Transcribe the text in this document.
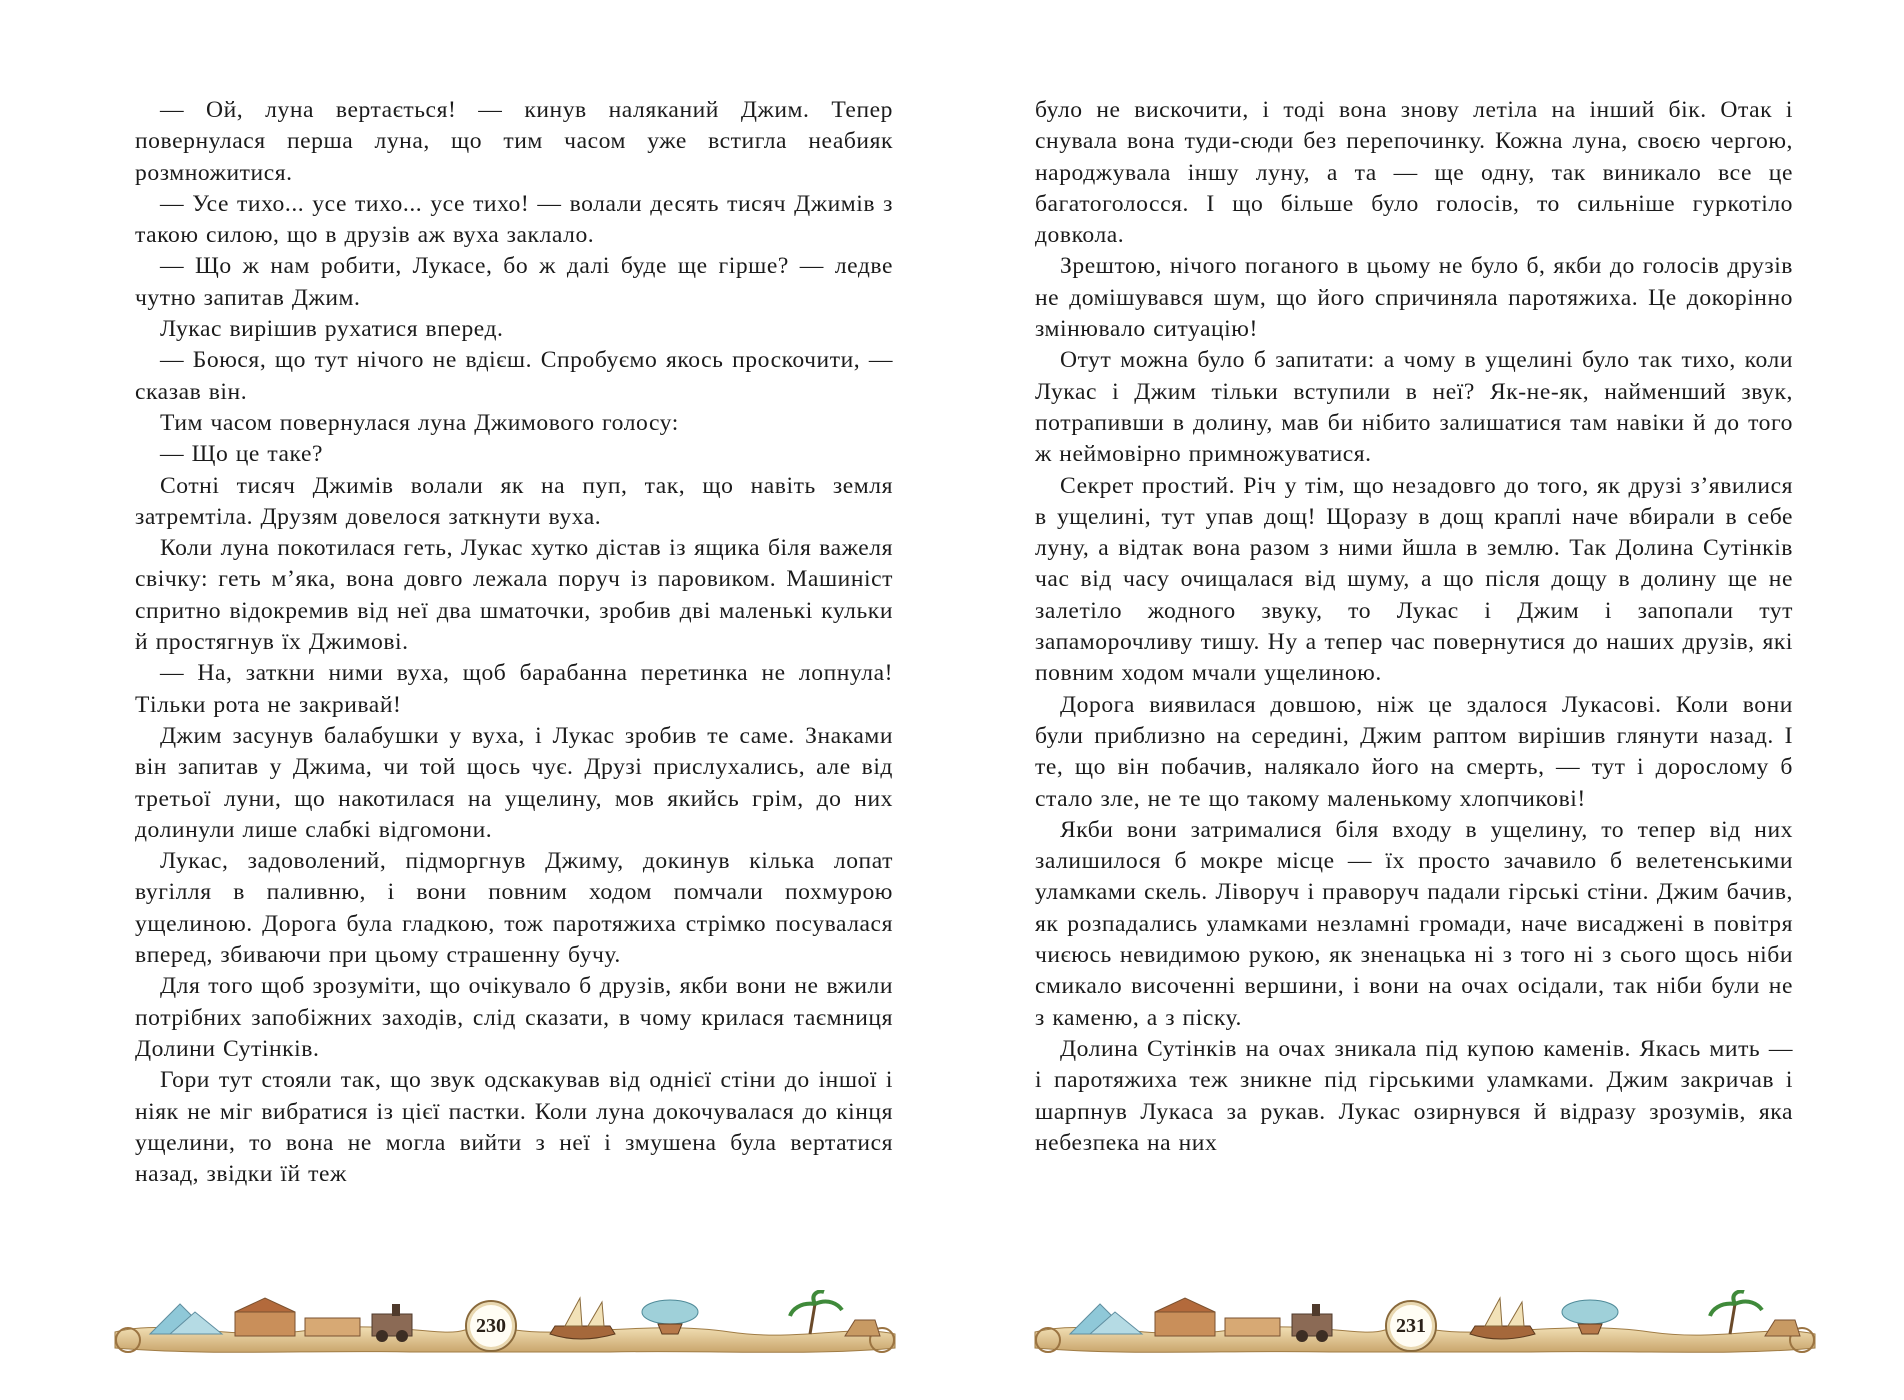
— Ой, луна вертається! — кинув наляканий Джим. Тепер повернулася перша луна, що тим часом уже встигла неабияк розмножитися.

— Усе тихо... усе тихо... усе тихо! — волали десять тисяч Джимів з такою силою, що в друзів аж вуха заклало.

— Що ж нам робити, Лукасе, бо ж далі буде ще гірше? — ледве чутно запитав Джим.

Лукас вирішив рухатися вперед.

— Боюся, що тут нічого не вдієш. Спробуємо якось проскочити, — сказав він.

Тим часом повернулася луна Джимового голосу:

— Що це таке?

Сотні тисяч Джимів волали як на пуп, так, що навіть земля затремтіла. Друзям довелося заткнути вуха.

Коли луна покотилася геть, Лукас хутко дістав із ящика біля важеля свічку: геть м’яка, вона довго лежала поруч із паровиком. Машиніст спритно відокремив від неї два шматочки, зробив дві маленькі кульки й простягнув їх Джимові.

— На, заткни ними вуха, щоб барабанна перетинка не лопнула! Тільки рота не закривай!

Джим засунув балабушки у вуха, і Лукас зробив те саме. Знаками він запитав у Джима, чи той щось чує. Друзі прислухались, але від третьої луни, що накотилася на ущелину, мов якийсь грім, до них долинули лише слабкі відгомони.

Лукас, задоволений, підморгнув Джиму, докинув кілька лопат вугілля в паливню, і вони повним ходом помчали похмурою ущелиною. Дорога була гладкою, тож паротяжиха стрімко посувалася вперед, збиваючи при цьому страшенну бучу.

Для того щоб зрозуміти, що очікувало б друзів, якби вони не вжили потрібних запобіжних заходів, слід сказати, в чому крилася таємниця Долини Сутінків.

Гори тут стояли так, що звук одскакував від однієї стіни до іншої і ніяк не міг вибратися із цієї пастки. Коли луна докочувалася до кінця ущелини, то вона не могла вийти з неї і змушена була вертатися назад, звідки їй теж

було не вискочити, і тоді вона знову летіла на інший бік. Отак і снувала вона туди-сюди без перепочинку. Кожна луна, своєю чергою, народжувала іншу луну, а та — ще одну, так виникало все це багатоголосся. І що більше було голосів, то сильніше гуркотіло довкола.

Зрештою, нічого поганого в цьому не було б, якби до голосів друзів не домішувався шум, що його спричиняла паротяжиха. Це докорінно змінювало ситуацію!

Отут можна було б запитати: а чому в ущелині було так тихо, коли Лукас і Джим тільки вступили в неї? Як-не-як, найменший звук, потрапивши в долину, мав би нібито залишатися там навіки й до того ж неймовірно примножуватися.

Секрет простий. Річ у тім, що незадовго до того, як друзі з’явилися в ущелині, тут упав дощ! Щоразу в дощ краплі наче вбирали в себе луну, а відтак вона разом з ними йшла в землю. Так Долина Сутінків час від часу очищалася від шуму, а що після дощу в долину ще не залетіло жодного звуку, то Лукас і Джим і запопали тут запаморочливу тишу. Ну а тепер час повернутися до наших друзів, які повним ходом мчали ущелиною.

Дорога виявилася довшою, ніж це здалося Лукасові. Коли вони були приблизно на середині, Джим раптом вирішив глянути назад. І те, що він побачив, налякало його на смерть, — тут і дорослому б стало зле, не те що такому маленькому хлопчикові!

Якби вони затрималися біля входу в ущелину, то тепер від них залишилося б мокре місце — їх просто зачавило б велетенськими уламками скель. Ліворуч і праворуч падали гірські стіни. Джим бачив, як розпадались уламками незламні громади, наче висаджені в повітря чиєюсь невидимою рукою, як зненацька ні з того ні з сього щось ніби смикало височенні вершини, і вони на очах осідали, так ніби були не з каменю, а з піску.

Долина Сутінків на очах зникала під купою каменів. Якась мить — і паротяжиха теж зникне під гірськими уламками. Джим закричав і шарпнув Лукаса за рукав. Лукас озирнувся й відразу зрозумів, яка небезпека на них

230	231
